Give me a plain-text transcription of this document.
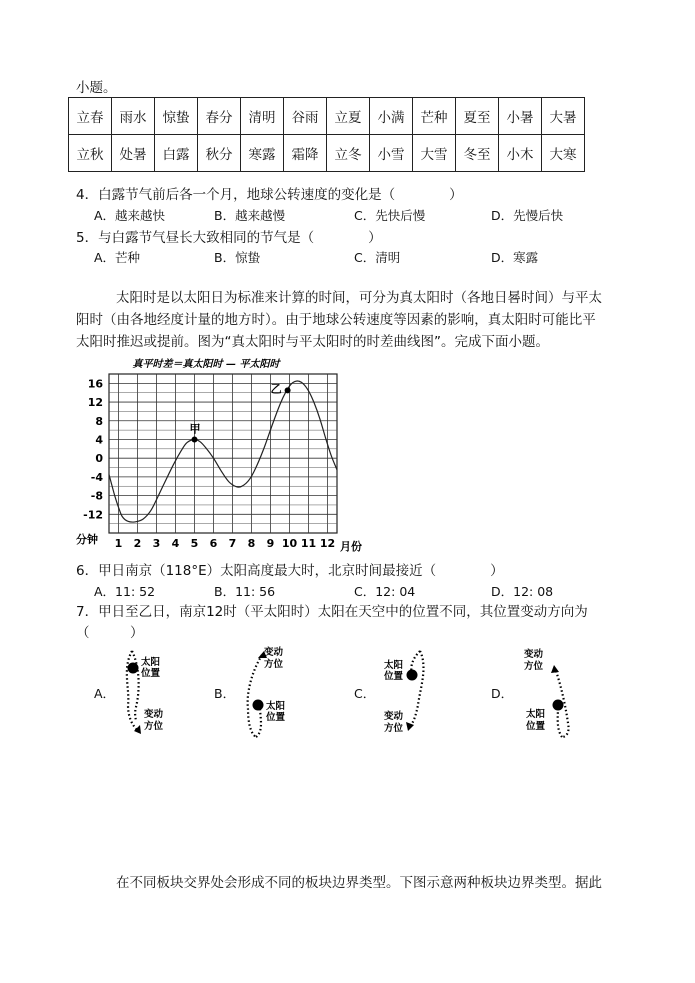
小题。
立春	雨水	惊蛰	春分	清明	谷雨	立夏	小满	芒种	夏至	小暑	大暑
立秋	处暑	白露	秋分	寒露	霜降	立冬	小雪	大雪	冬至	小木	大寒
4．白露节气前后各一个月，地球公转速度的变化是（　　　　）
A．越来越快	B．越来越慢	C．先快后慢	D．先慢后快
5．与白露节气昼长大致相同的节气是（　　　　）
A．芒种	B．惊蛰	C．清明	D．寒露
太阳时是以太阳日为标准来计算的时间，可分为真太阳时（各地日晷时间）与平太
阳时（由各地经度计量的地方时）。由于地球公转速度等因素的影响，真太阳时可能比平
太阳时推迟或提前。图为“真太阳时与平太阳时的时差曲线图”。完成下面小题。
真平时差＝真太阳时 — 平太阳时
1 2 3 4 5 6 7 8 9 10 11 12
16
12
8
4
0
-4
-8
-12
甲
乙
分钟
月份
6．甲日南京（118°E）太阳高度最大时，北京时间最接近（　　　　）
A．11: 52	B．11: 56	C．12: 04	D．12: 08
7．甲日至乙日，南京12时（平太阳时）太阳在天空中的位置不同，其位置变动方向为
（　　　）
A．
太阳
位置
变动
方位
B．
变动
方位
太阳
位置
C．
太阳
位置
变动
方位
D．
变动
方位
太阳
位置
在不同板块交界处会形成不同的板块边界类型。下图示意两种板块边界类型。据此
